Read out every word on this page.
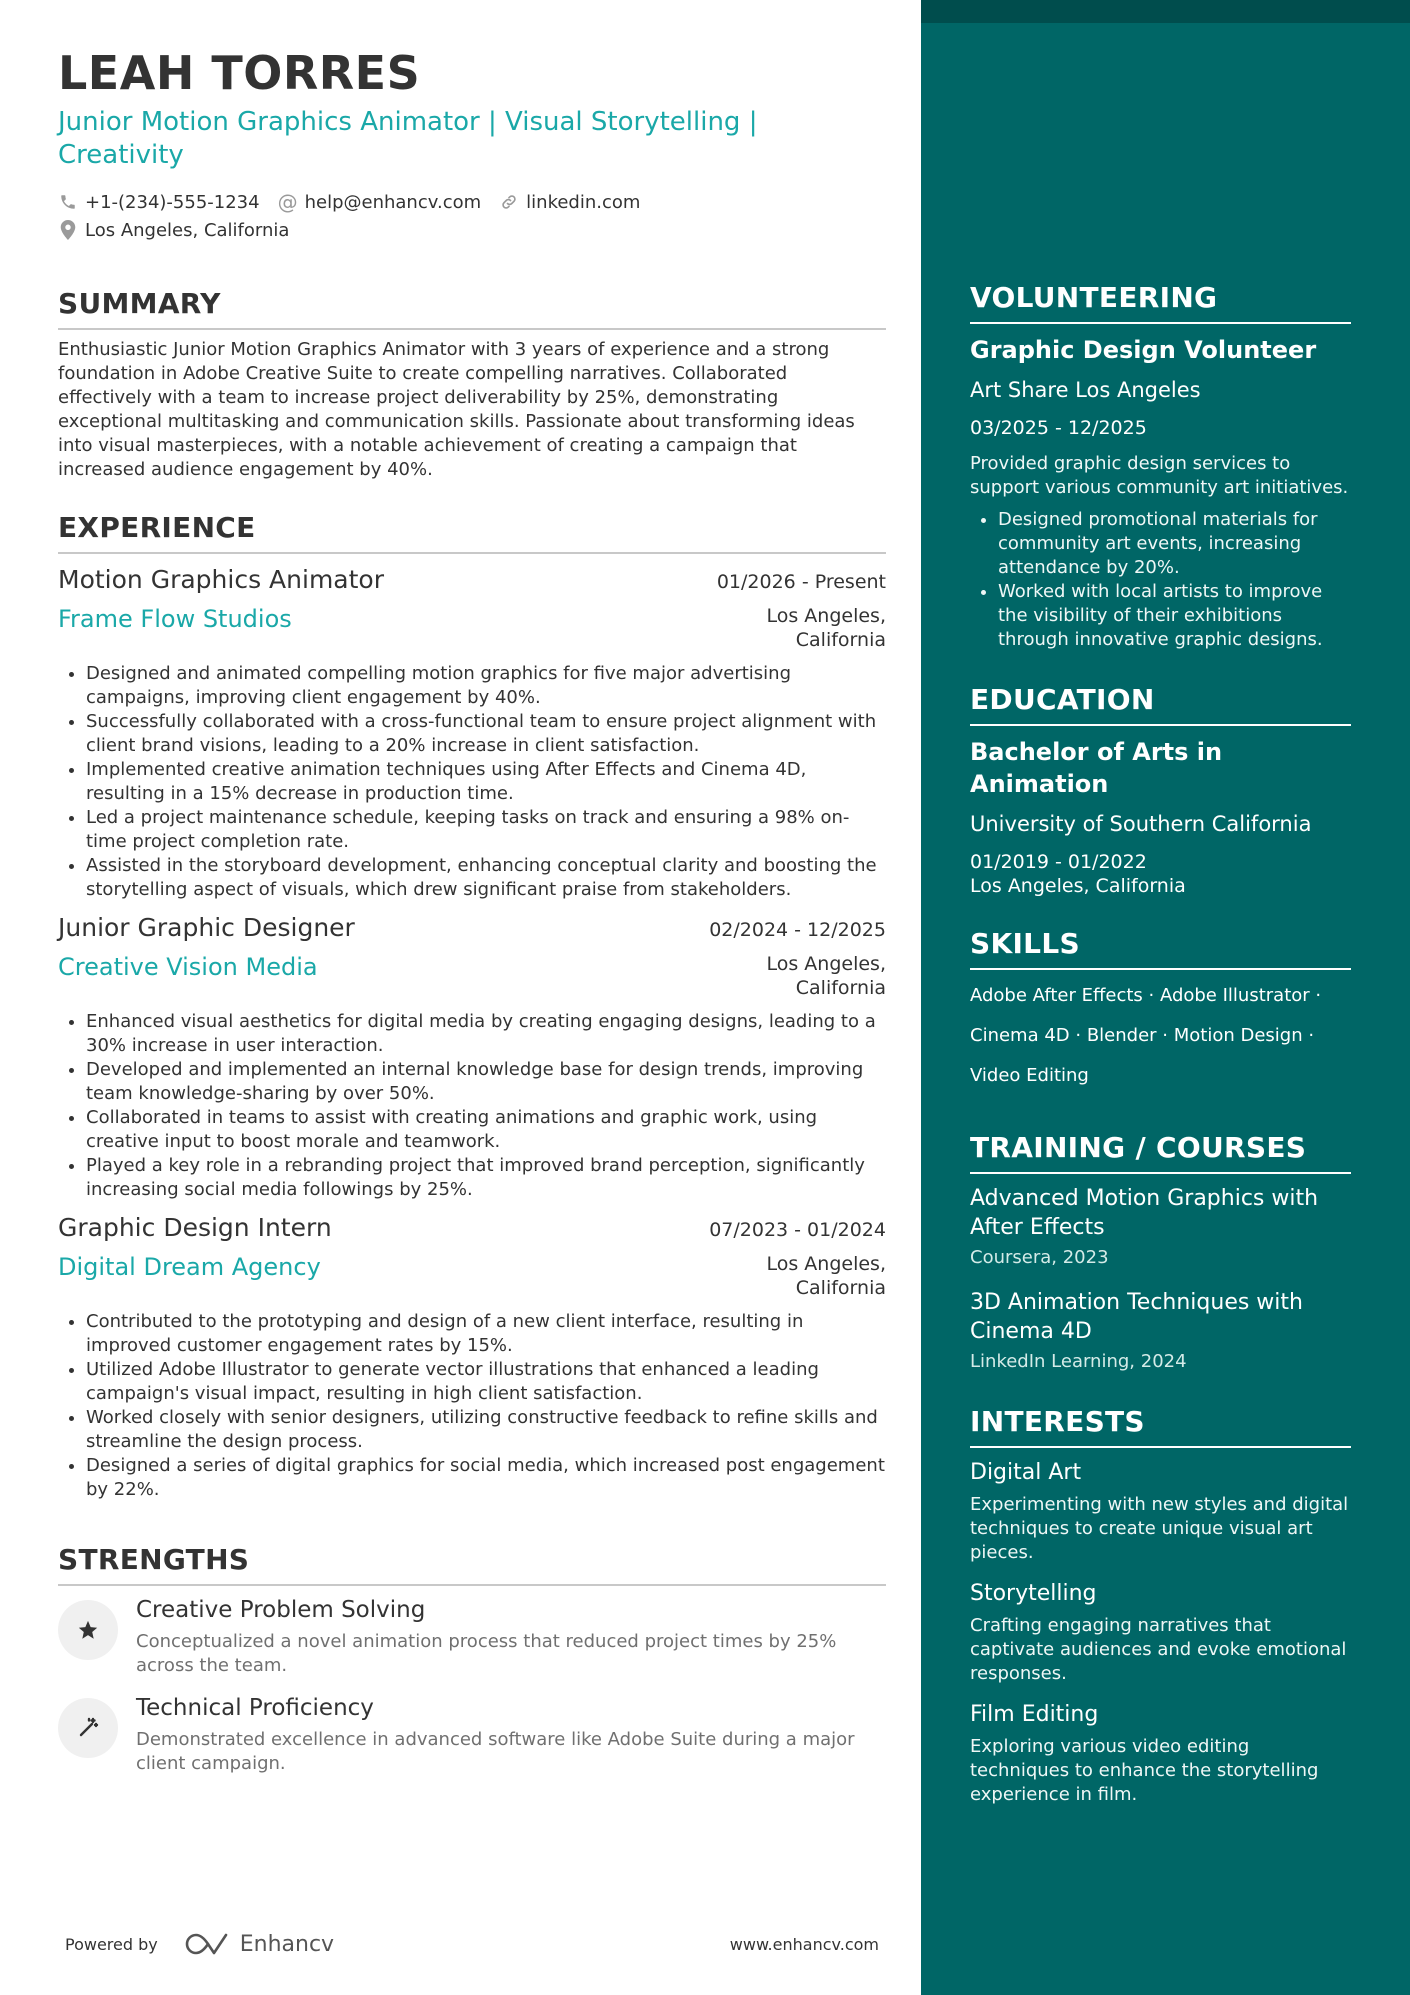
LEAH TORRES
Junior Motion Graphics Animator | Visual Storytelling | Creativity
+1-(234)-555-1234 @ help@enhancv.com	linkedin.com
Los Angeles, California
SUMMARY
Enthusiastic Junior Motion Graphics Animator with 3 years of experience and a strong foundation in Adobe Creative Suite to create compelling narratives. Collaborated effectively with a team to increase project deliverability by 25%, demonstrating exceptional multitasking and communication skills. Passionate about transforming ideas into visual masterpieces, with a notable achievement of creating a campaign that increased audience engagement by 40%.
EXPERIENCE
Motion Graphics Animator	01/2026 - Present
Frame Flow Studios	Los Angeles, California
• Designed and animated compelling motion graphics for five major advertising campaigns, improving client engagement by 40%.
• Successfully collaborated with a cross-functional team to ensure project alignment with client brand visions, leading to a 20% increase in client satisfaction.
• Implemented creative animation techniques using After Effects and Cinema 4D, resulting in a 15% decrease in production time.
• Led a project maintenance schedule, keeping tasks on track and ensuring a 98% on-time project completion rate.
• Assisted in the storyboard development, enhancing conceptual clarity and boosting the storytelling aspect of visuals, which drew significant praise from stakeholders.
Junior Graphic Designer	02/2024 - 12/2025
Creative Vision Media	Los Angeles, California
• Enhanced visual aesthetics for digital media by creating engaging designs, leading to a 30% increase in user interaction.
• Developed and implemented an internal knowledge base for design trends, improving team knowledge-sharing by over 50%.
• Collaborated in teams to assist with creating animations and graphic work, using creative input to boost morale and teamwork.
• Played a key role in a rebranding project that improved brand perception, significantly increasing social media followings by 25%.
Graphic Design Intern	07/2023 - 01/2024
Digital Dream Agency	Los Angeles, California
• Contributed to the prototyping and design of a new client interface, resulting in improved customer engagement rates by 15%.
• Utilized Adobe Illustrator to generate vector illustrations that enhanced a leading campaign's visual impact, resulting in high client satisfaction.
• Worked closely with senior designers, utilizing constructive feedback to refine skills and streamline the design process.
• Designed a series of digital graphics for social media, which increased post engagement by 22%.
STRENGTHS
Creative Problem Solving
Conceptualized a novel animation process that reduced project times by 25% across the team.
Technical Proficiency
Demonstrated excellence in advanced software like Adobe Suite during a major client campaign.
Powered by	Enhancv	www.enhancv.com
VOLUNTEERING
Graphic Design Volunteer
Art Share Los Angeles
03/2025 - 12/2025
Provided graphic design services to support various community art initiatives.
• Designed promotional materials for community art events, increasing attendance by 20%.
• Worked with local artists to improve the visibility of their exhibitions through innovative graphic designs.
EDUCATION
Bachelor of Arts in Animation
University of Southern California
01/2019 - 01/2022
Los Angeles, California
SKILLS
Adobe After Effects · Adobe Illustrator ·
Cinema 4D · Blender · Motion Design ·
Video Editing
TRAINING / COURSES
Advanced Motion Graphics with After Effects
Coursera, 2023
3D Animation Techniques with Cinema 4D
LinkedIn Learning, 2024
INTERESTS
Digital Art
Experimenting with new styles and digital techniques to create unique visual art pieces.
Storytelling
Crafting engaging narratives that captivate audiences and evoke emotional responses.
Film Editing
Exploring various video editing techniques to enhance the storytelling experience in film.
